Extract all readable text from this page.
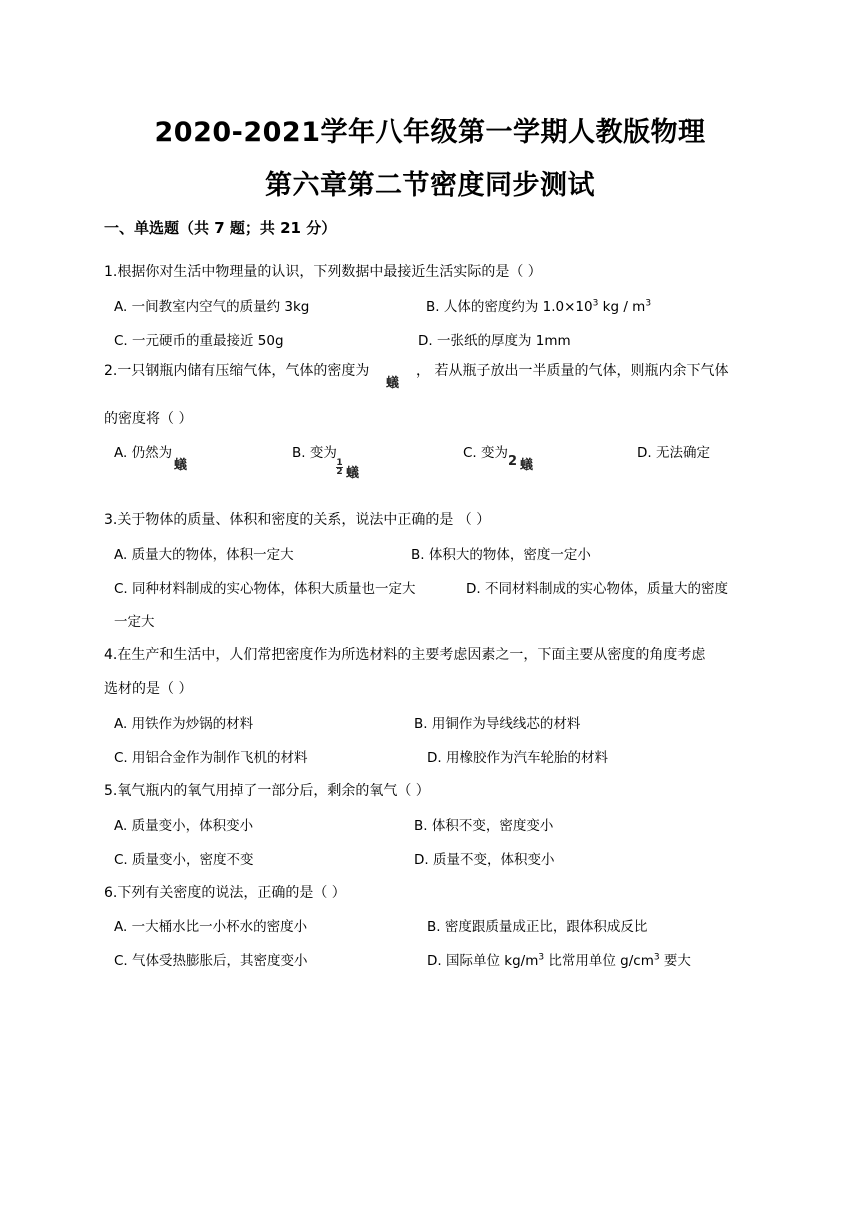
2020-2021学年八年级第一学期人教版物理
第六章第二节密度同步测试
一、单选题（共 7 题；共 21 分）
1.根据你对生活中物理量的认识，下列数据中最接近生活实际的是（ ）
A. 一间教室内空气的质量约 3kg	B. 人体的密度约为 $1.0\times 10^3$ kg / $m^3$
C. 一元硬币的重最接近 50g	D. 一张纸的厚度为 1mm
2.一只钢瓶内储有压缩气体，气体的密度为
蟻
， 若从瓶子放出一半质量的气体，则瓶内余下气体
的密度将（ ）
A. 仍然为
蟻
B. 变为
$\frac{1}{2}$ 蟻
C. 变为
2 蟻
D. 无法确定
3.关于物体的质量、体积和密度的关系，说法中正确的是 （ ）
A. 质量大的物体，体积一定大	B. 体积大的物体，密度一定小
C. 同种材料制成的实心物体，体积大质量也一定大	D. 不同材料制成的实心物体，质量大的密度
一定大
4.在生产和生活中，人们常把密度作为所选材料的主要考虑因素之一，下面主要从密度的角度考虑
选材的是（ ）
A. 用铁作为炒锅的材料	B. 用铜作为导线线芯的材料
C. 用铝合金作为制作飞机的材料	D. 用橡胶作为汽车轮胎的材料
5.氧气瓶内的氧气用掉了一部分后，剩余的氧气（ ）
A. 质量变小，体积变小	B. 体积不变，密度变小
C. 质量变小，密度不变	D. 质量不变，体积变小
6.下列有关密度的说法，正确的是（ ）
A. 一大桶水比一小杯水的密度小	B. 密度跟质量成正比，跟体积成反比
C. 气体受热膨胀后，其密度变小	D. 国际单位 $kg/m^3$ 比常用单位 $g/cm^3$ 要大
